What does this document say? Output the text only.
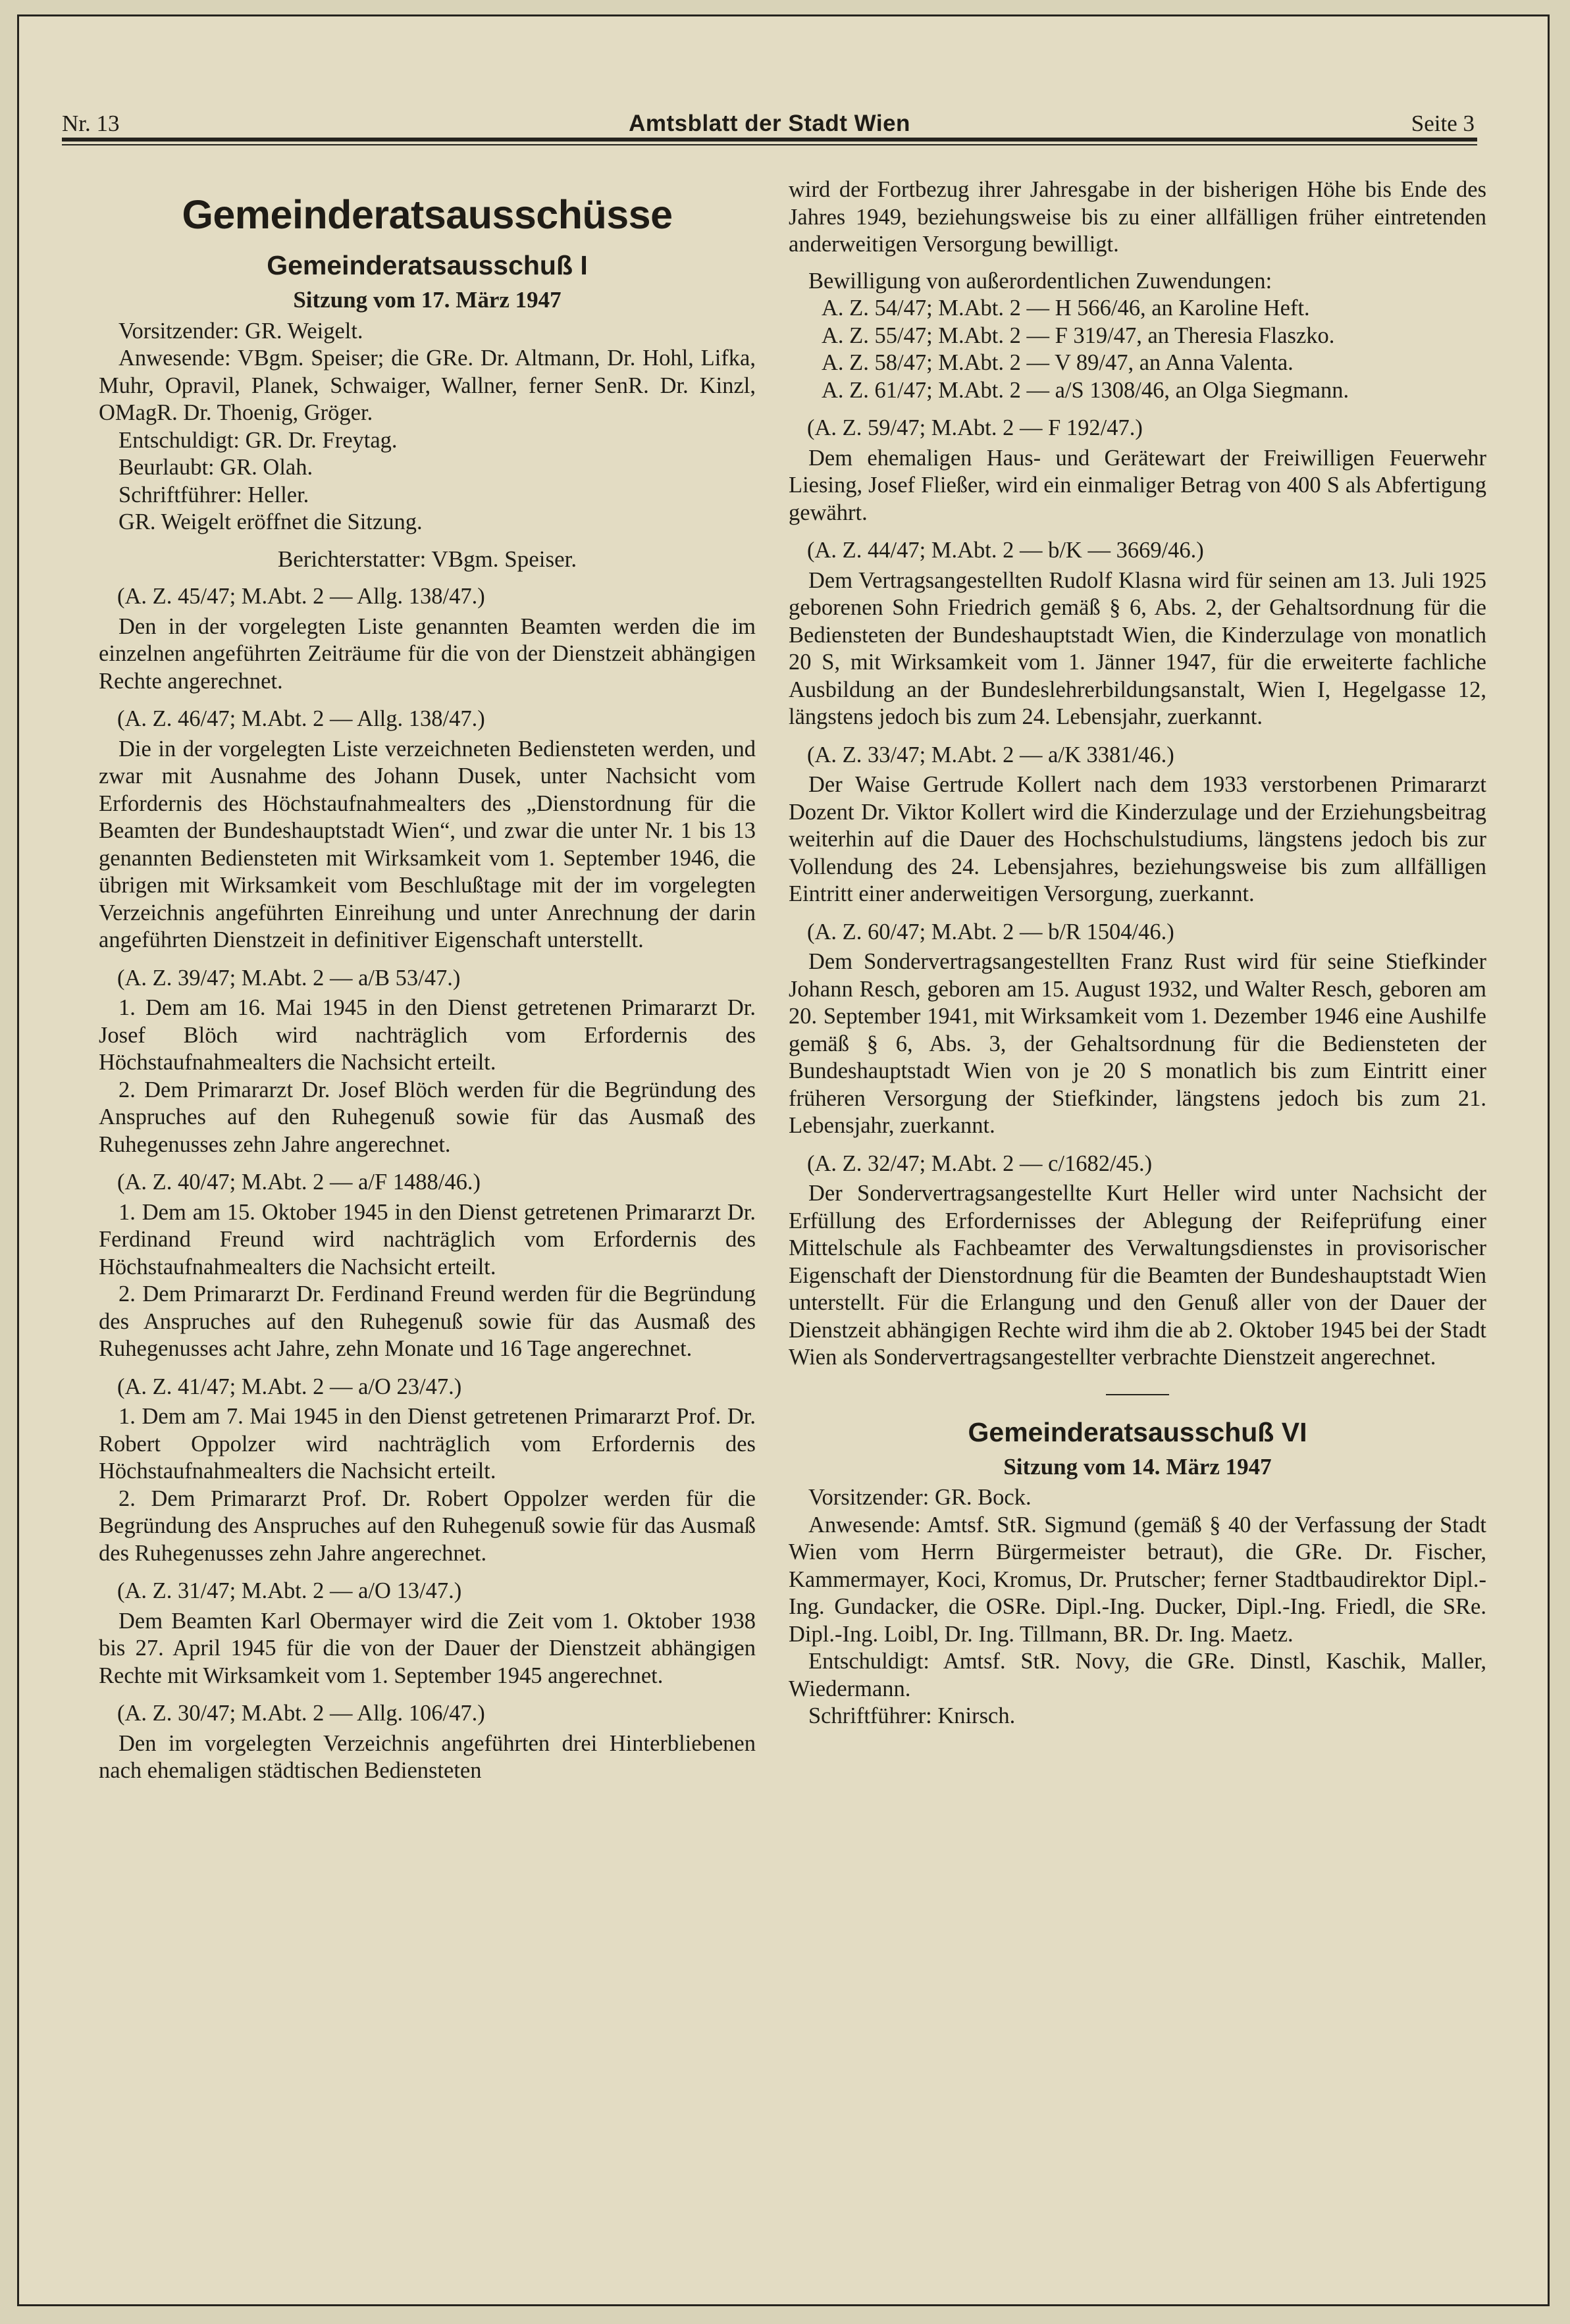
Nr. 13	Amtsblatt der Stadt Wien	Seite 3

Gemeinderatsausschüsse

Gemeinderatsausschuß I

Sitzung vom 17. März 1947

Vorsitzender: GR. Weigelt.

Anwesende: VBgm. Speiser; die GRe. Dr. Altmann, Dr. Hohl, Lifka, Muhr, Opravil, Planek, Schwaiger, Wallner, ferner SenR. Dr. Kinzl, OMagR. Dr. Thoenig, Gröger.

Entschuldigt: GR. Dr. Freytag.

Beurlaubt: GR. Olah.

Schriftführer: Heller.

GR. Weigelt eröffnet die Sitzung.

Berichterstatter: VBgm. Speiser.

(A. Z. 45/47; M.Abt. 2 — Allg. 138/47.)

Den in der vorgelegten Liste genannten Beamten werden die im einzelnen angeführten Zeiträume für die von der Dienstzeit abhängigen Rechte angerechnet.

(A. Z. 46/47; M.Abt. 2 — Allg. 138/47.)

Die in der vorgelegten Liste verzeichneten Bediensteten werden, und zwar mit Ausnahme des Johann Dusek, unter Nachsicht vom Erfordernis des Höchstaufnahmealters des „Dienstordnung für die Beamten der Bundeshauptstadt Wien“, und zwar die unter Nr. 1 bis 13 genannten Bediensteten mit Wirksamkeit vom 1. September 1946, die übrigen mit Wirksamkeit vom Beschlußtage mit der im vorgelegten Verzeichnis angeführten Einreihung und unter Anrechnung der darin angeführten Dienstzeit in definitiver Eigenschaft unterstellt.

(A. Z. 39/47; M.Abt. 2 — a/B 53/47.)

1. Dem am 16. Mai 1945 in den Dienst getretenen Primararzt Dr. Josef Blöch wird nachträglich vom Erfordernis des Höchstaufnahmealters die Nachsicht erteilt.

2. Dem Primararzt Dr. Josef Blöch werden für die Begründung des Anspruches auf den Ruhegenuß sowie für das Ausmaß des Ruhegenusses zehn Jahre angerechnet.

(A. Z. 40/47; M.Abt. 2 — a/F 1488/46.)

1. Dem am 15. Oktober 1945 in den Dienst getretenen Primararzt Dr. Ferdinand Freund wird nachträglich vom Erfordernis des Höchstaufnahmealters die Nachsicht erteilt.

2. Dem Primararzt Dr. Ferdinand Freund werden für die Begründung des Anspruches auf den Ruhegenuß sowie für das Ausmaß des Ruhegenusses acht Jahre, zehn Monate und 16 Tage angerechnet.

(A. Z. 41/47; M.Abt. 2 — a/O 23/47.)

1. Dem am 7. Mai 1945 in den Dienst getretenen Primararzt Prof. Dr. Robert Oppolzer wird nachträglich vom Erfordernis des Höchstaufnahmealters die Nachsicht erteilt.

2. Dem Primararzt Prof. Dr. Robert Oppolzer werden für die Begründung des Anspruches auf den Ruhegenuß sowie für das Ausmaß des Ruhegenusses zehn Jahre angerechnet.

(A. Z. 31/47; M.Abt. 2 — a/O 13/47.)

Dem Beamten Karl Obermayer wird die Zeit vom 1. Oktober 1938 bis 27. April 1945 für die von der Dauer der Dienstzeit abhängigen Rechte mit Wirksamkeit vom 1. September 1945 angerechnet.

(A. Z. 30/47; M.Abt. 2 — Allg. 106/47.)

Den im vorgelegten Verzeichnis angeführten drei Hinterbliebenen nach ehemaligen städtischen Bediensteten

wird der Fortbezug ihrer Jahresgabe in der bisherigen Höhe bis Ende des Jahres 1949, beziehungsweise bis zu einer allfälligen früher eintretenden anderweitigen Versorgung bewilligt.

Bewilligung von außerordentlichen Zuwendungen:

A. Z. 54/47; M.Abt. 2 — H 566/46, an Karoline Heft.

A. Z. 55/47; M.Abt. 2 — F 319/47, an Theresia Flaszko.

A. Z. 58/47; M.Abt. 2 — V 89/47, an Anna Valenta.

A. Z. 61/47; M.Abt. 2 — a/S 1308/46, an Olga Siegmann.

(A. Z. 59/47; M.Abt. 2 — F 192/47.)

Dem ehemaligen Haus- und Gerätewart der Freiwilligen Feuerwehr Liesing, Josef Fließer, wird ein einmaliger Betrag von 400 S als Abfertigung gewährt.

(A. Z. 44/47; M.Abt. 2 — b/K — 3669/46.)

Dem Vertragsangestellten Rudolf Klasna wird für seinen am 13. Juli 1925 geborenen Sohn Friedrich gemäß § 6, Abs. 2, der Gehaltsordnung für die Bediensteten der Bundeshauptstadt Wien, die Kinderzulage von monatlich 20 S, mit Wirksamkeit vom 1. Jänner 1947, für die erweiterte fachliche Ausbildung an der Bundeslehrerbildungsanstalt, Wien I, Hegelgasse 12, längstens jedoch bis zum 24. Lebensjahr, zuerkannt.

(A. Z. 33/47; M.Abt. 2 — a/K 3381/46.)

Der Waise Gertrude Kollert nach dem 1933 verstorbenen Primararzt Dozent Dr. Viktor Kollert wird die Kinderzulage und der Erziehungsbeitrag weiterhin auf die Dauer des Hochschulstudiums, längstens jedoch bis zur Vollendung des 24. Lebensjahres, beziehungsweise bis zum allfälligen Eintritt einer anderweitigen Versorgung, zuerkannt.

(A. Z. 60/47; M.Abt. 2 — b/R 1504/46.)

Dem Sondervertragsangestellten Franz Rust wird für seine Stiefkinder Johann Resch, geboren am 15. August 1932, und Walter Resch, geboren am 20. September 1941, mit Wirksamkeit vom 1. Dezember 1946 eine Aushilfe gemäß § 6, Abs. 3, der Gehaltsordnung für die Bediensteten der Bundeshauptstadt Wien von je 20 S monatlich bis zum Eintritt einer früheren Versorgung der Stiefkinder, längstens jedoch bis zum 21. Lebensjahr, zuerkannt.

(A. Z. 32/47; M.Abt. 2 — c/1682/45.)

Der Sondervertragsangestellte Kurt Heller wird unter Nachsicht der Erfüllung des Erfordernisses der Ablegung der Reifeprüfung einer Mittelschule als Fachbeamter des Verwaltungsdienstes in provisorischer Eigenschaft der Dienstordnung für die Beamten der Bundeshauptstadt Wien unterstellt. Für die Erlangung und den Genuß aller von der Dauer der Dienstzeit abhängigen Rechte wird ihm die ab 2. Oktober 1945 bei der Stadt Wien als Sondervertragsangestellter verbrachte Dienstzeit angerechnet.

Gemeinderatsausschuß VI

Sitzung vom 14. März 1947

Vorsitzender: GR. Bock.

Anwesende: Amtsf. StR. Sigmund (gemäß § 40 der Verfassung der Stadt Wien vom Herrn Bürgermeister betraut), die GRe. Dr. Fischer, Kammermayer, Koci, Kromus, Dr. Prutscher; ferner Stadtbaudirektor Dipl.-Ing. Gundacker, die OSRe. Dipl.-Ing. Ducker, Dipl.-Ing. Friedl, die SRe. Dipl.-Ing. Loibl, Dr. Ing. Tillmann, BR. Dr. Ing. Maetz.

Entschuldigt: Amtsf. StR. Novy, die GRe. Dinstl, Kaschik, Maller, Wiedermann.

Schriftführer: Knirsch.
